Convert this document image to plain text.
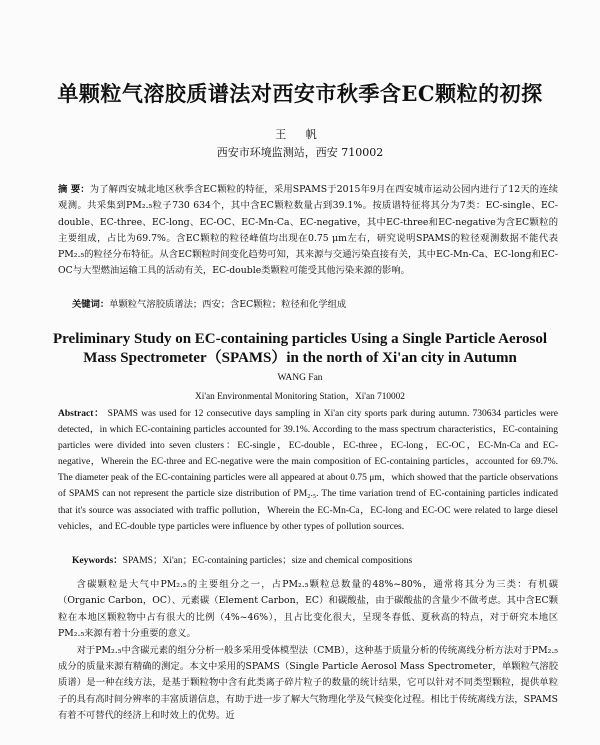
单颗粒气溶胶质谱法对西安市秋季含EC颗粒的初探
王 帆
西安市环境监测站，西安 710002
摘 要：为了解西安城北地区秋季含EC颗粒的特征，采用SPAMS于2015年9月在西安城市运动公园内进行了12天的连续观测。共采集到PM₂.₅粒子730 634个，其中含EC颗粒数量占到39.1%。按质谱特征将其分为7类：EC-single、EC-double、EC-three、EC-long、EC-OC、EC-Mn-Ca、EC-negative，其中EC-three和EC-negative为含EC颗粒的主要组成，占比为69.7%。含EC颗粒的粒径峰值均出现在0.75 μm左右，研究说明SPAMS的粒径观测数据不能代表PM₂.₅的粒径分布特征。从含EC颗粒时间变化趋势可知，其来源与交通污染直接有关，其中EC-Mn-Ca、EC-long和EC-OC与大型燃油运输工具的活动有关，EC-double类颗粒可能受其他污染来源的影响。
关键词：单颗粒气溶胶质谱法；西安；含EC颗粒；粒径和化学组成
Preliminary Study on EC-containing particles Using a Single Particle Aerosol Mass Spectrometer（SPAMS）in the north of Xi'an city in Autumn
WANG Fan
Xi'an Environmental Monitoring Station，Xi'an 710002
Abstract： SPAMS was used for 12 consecutive days sampling in Xi'an city sports park during autumn. 730634 particles were detected，in which EC-containing particles accounted for 39.1%. According to the mass spectrum characteristics，EC-containing particles were divided into seven clusters：EC-single，EC-double，EC-three，EC-long，EC-OC，EC-Mn-Ca and EC-negative，Wherein the EC-three and EC-negative were the main composition of EC-containing particles，accounted for 69.7%. The diameter peak of the EC-containing particles were all appeared at about 0.75 μm，which showed that the particle observations of SPAMS can not represent the particle size distribution of PM₂.₅. The time variation trend of EC-containing particles indicated that it's source was associated with traffic pollution，Wherein the EC-Mn-Ca，EC-long and EC-OC were related to large diesel vehicles，and EC-double type particles were influence by other types of pollution sources.
Keywords：SPAMS；Xi'an；EC-containing particles；size and chemical compositions

含碳颗粒是大气中PM₂.₅的主要组分之一，占PM₂.₅颗粒总数量的48%~80%，通常将其分为三类：有机碳（Organic Carbon，OC）、元素碳（Element Carbon，EC）和碳酸盐，由于碳酸盐的含量少不做考虑。其中含EC颗粒在本地区颗粒物中占有很大的比例（4%~46%），且占比变化很大，呈现冬春低、夏秋高的特点，对于研究本地区PM₂.₅来源有着十分重要的意义。

对于PM₂.₅中含碳元素的组分分析一般多采用受体模型法（CMB），这种基于质量分析的传统离线分析方法对于PM₂.₅成分的质量来源有精确的测定。本文中采用的SPAMS（Single Particle Aerosol Mass Spectrometer，单颗粒气溶胶质谱）是一种在线方法，是基于颗粒物中含有此类离子碎片粒子的数量的统计结果，它可以针对不同类型颗粒，提供单粒子的具有高时间分辨率的丰富质谱信息，有助于进一步了解大气物理化学及气候变化过程。相比于传统离线方法，SPAMS有着不可替代的经济上和时效上的优势。近
